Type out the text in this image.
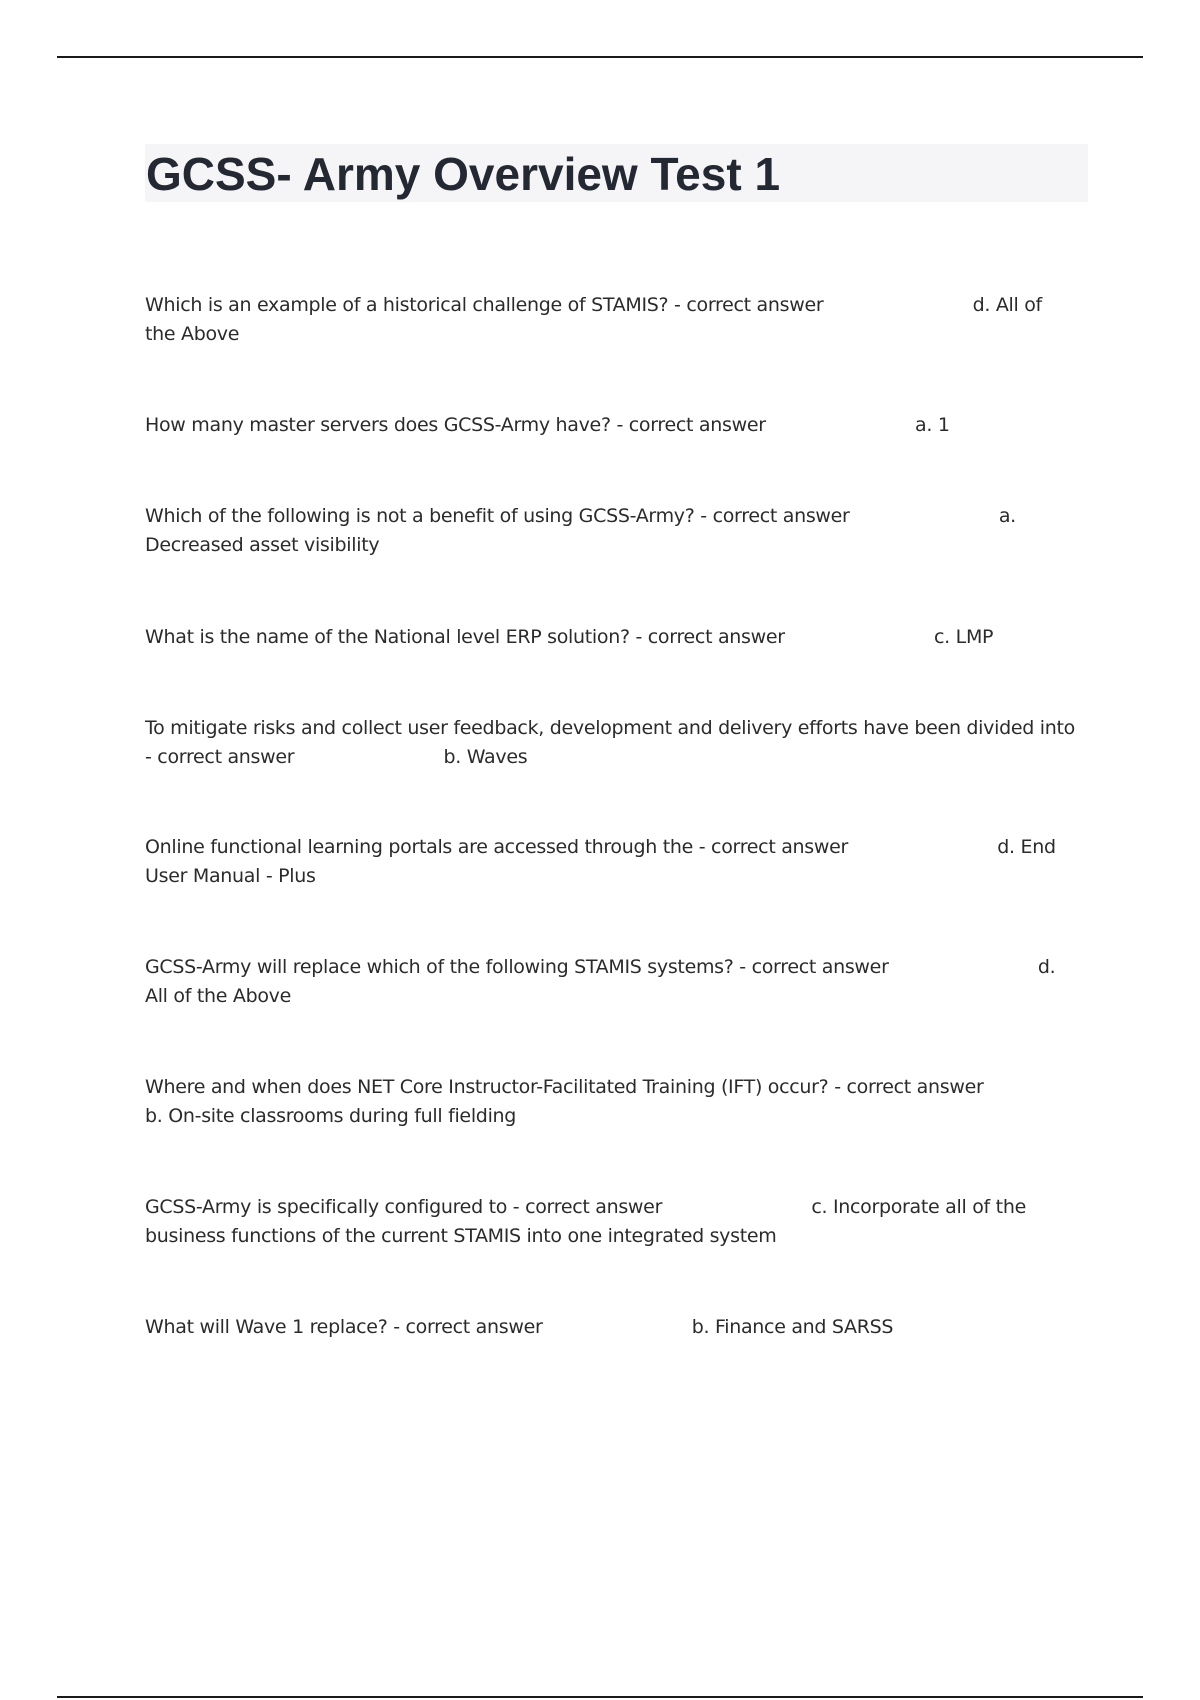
GCSS- Army Overview Test 1

Which is an example of a historical challenge of STAMIS? - correct answer	d. All of the Above

How many master servers does GCSS-Army have? - correct answer	a. 1

Which of the following is not a benefit of using GCSS-Army? - correct answer	a. Decreased asset visibility

What is the name of the National level ERP solution? - correct answer	c. LMP

To mitigate risks and collect user feedback, development and delivery efforts have been divided into - correct answer	b. Waves

Online functional learning portals are accessed through the - correct answer	d. End User Manual - Plus

GCSS-Army will replace which of the following STAMIS systems? - correct answer	d. All of the Above

Where and when does NET Core Instructor-Facilitated Training (IFT) occur? - correct answer                          b. On-site classrooms during full fielding

GCSS-Army is specifically configured to - correct answer	c. Incorporate all of the business functions of the current STAMIS into one integrated system

What will Wave 1 replace? - correct answer	b. Finance and SARSS
